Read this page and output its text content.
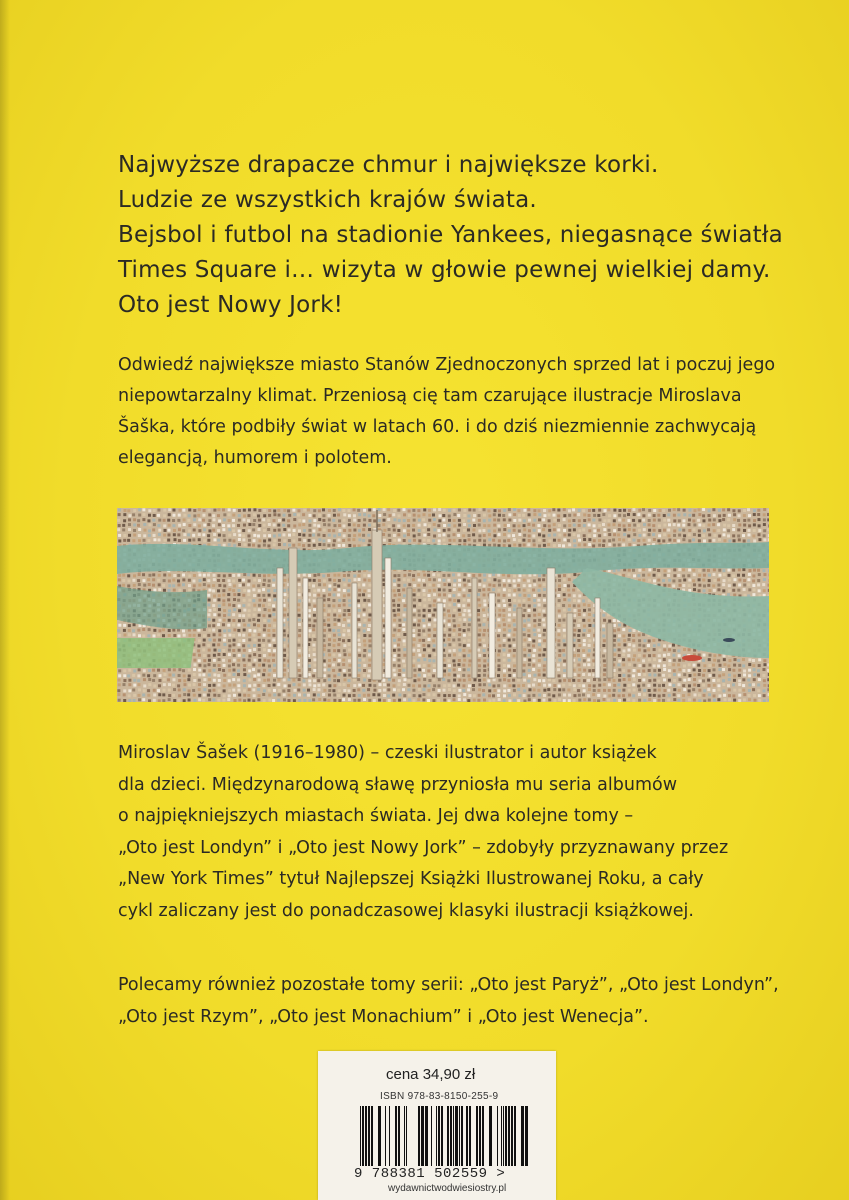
Najwyższe drapacze chmur i największe korki.
Ludzie ze wszystkich krajów świata.
Bejsbol i futbol na stadionie Yankees, niegasnące światła
Times Square i… wizyta w głowie pewnej wielkiej damy.
Oto jest Nowy Jork!
Odwiedź największe miasto Stanów Zjednoczonych sprzed lat i poczuj jego
niepowtarzalny klimat. Przeniosą cię tam czarujące ilustracje Miroslava
Šaška, które podbiły świat w latach 60. i do dziś niezmiennie zachwycają
elegancją, humorem i polotem.
Miroslav Šašek (1916–1980) – czeski ilustrator i autor książek
dla dzieci. Międzynarodową sławę przyniosła mu seria albumów
o najpiękniejszych miastach świata. Jej dwa kolejne tomy –
„Oto jest Londyn” i „Oto jest Nowy Jork” – zdobyły przyznawany przez
„New York Times” tytuł Najlepszej Książki Ilustrowanej Roku, a cały
cykl zaliczany jest do ponadczasowej klasyki ilustracji książkowej.
Polecamy również pozostałe tomy serii: „Oto jest Paryż”, „Oto jest Londyn”,
„Oto jest Rzym”, „Oto jest Monachium” i „Oto jest Wenecja”.
cena 34,90 zł
ISBN 978-83-8150-255-9
9 788381 502559 >
wydawnictwodwiesiostry.pl
